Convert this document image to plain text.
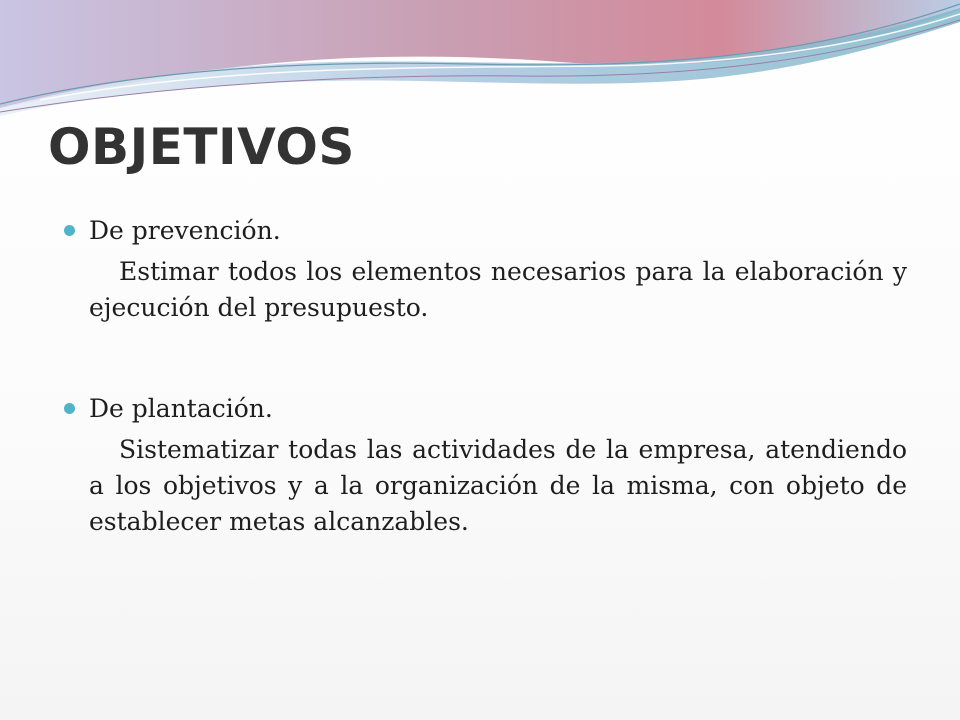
OBJETIVOS
De prevención.

Estimar todos los elementos necesarios para la elaboración y ejecución del presupuesto.

De plantación.

Sistematizar todas las actividades de la empresa, atendiendo a los objetivos y a la organización de la misma, con objeto de establecer metas alcanzables.
